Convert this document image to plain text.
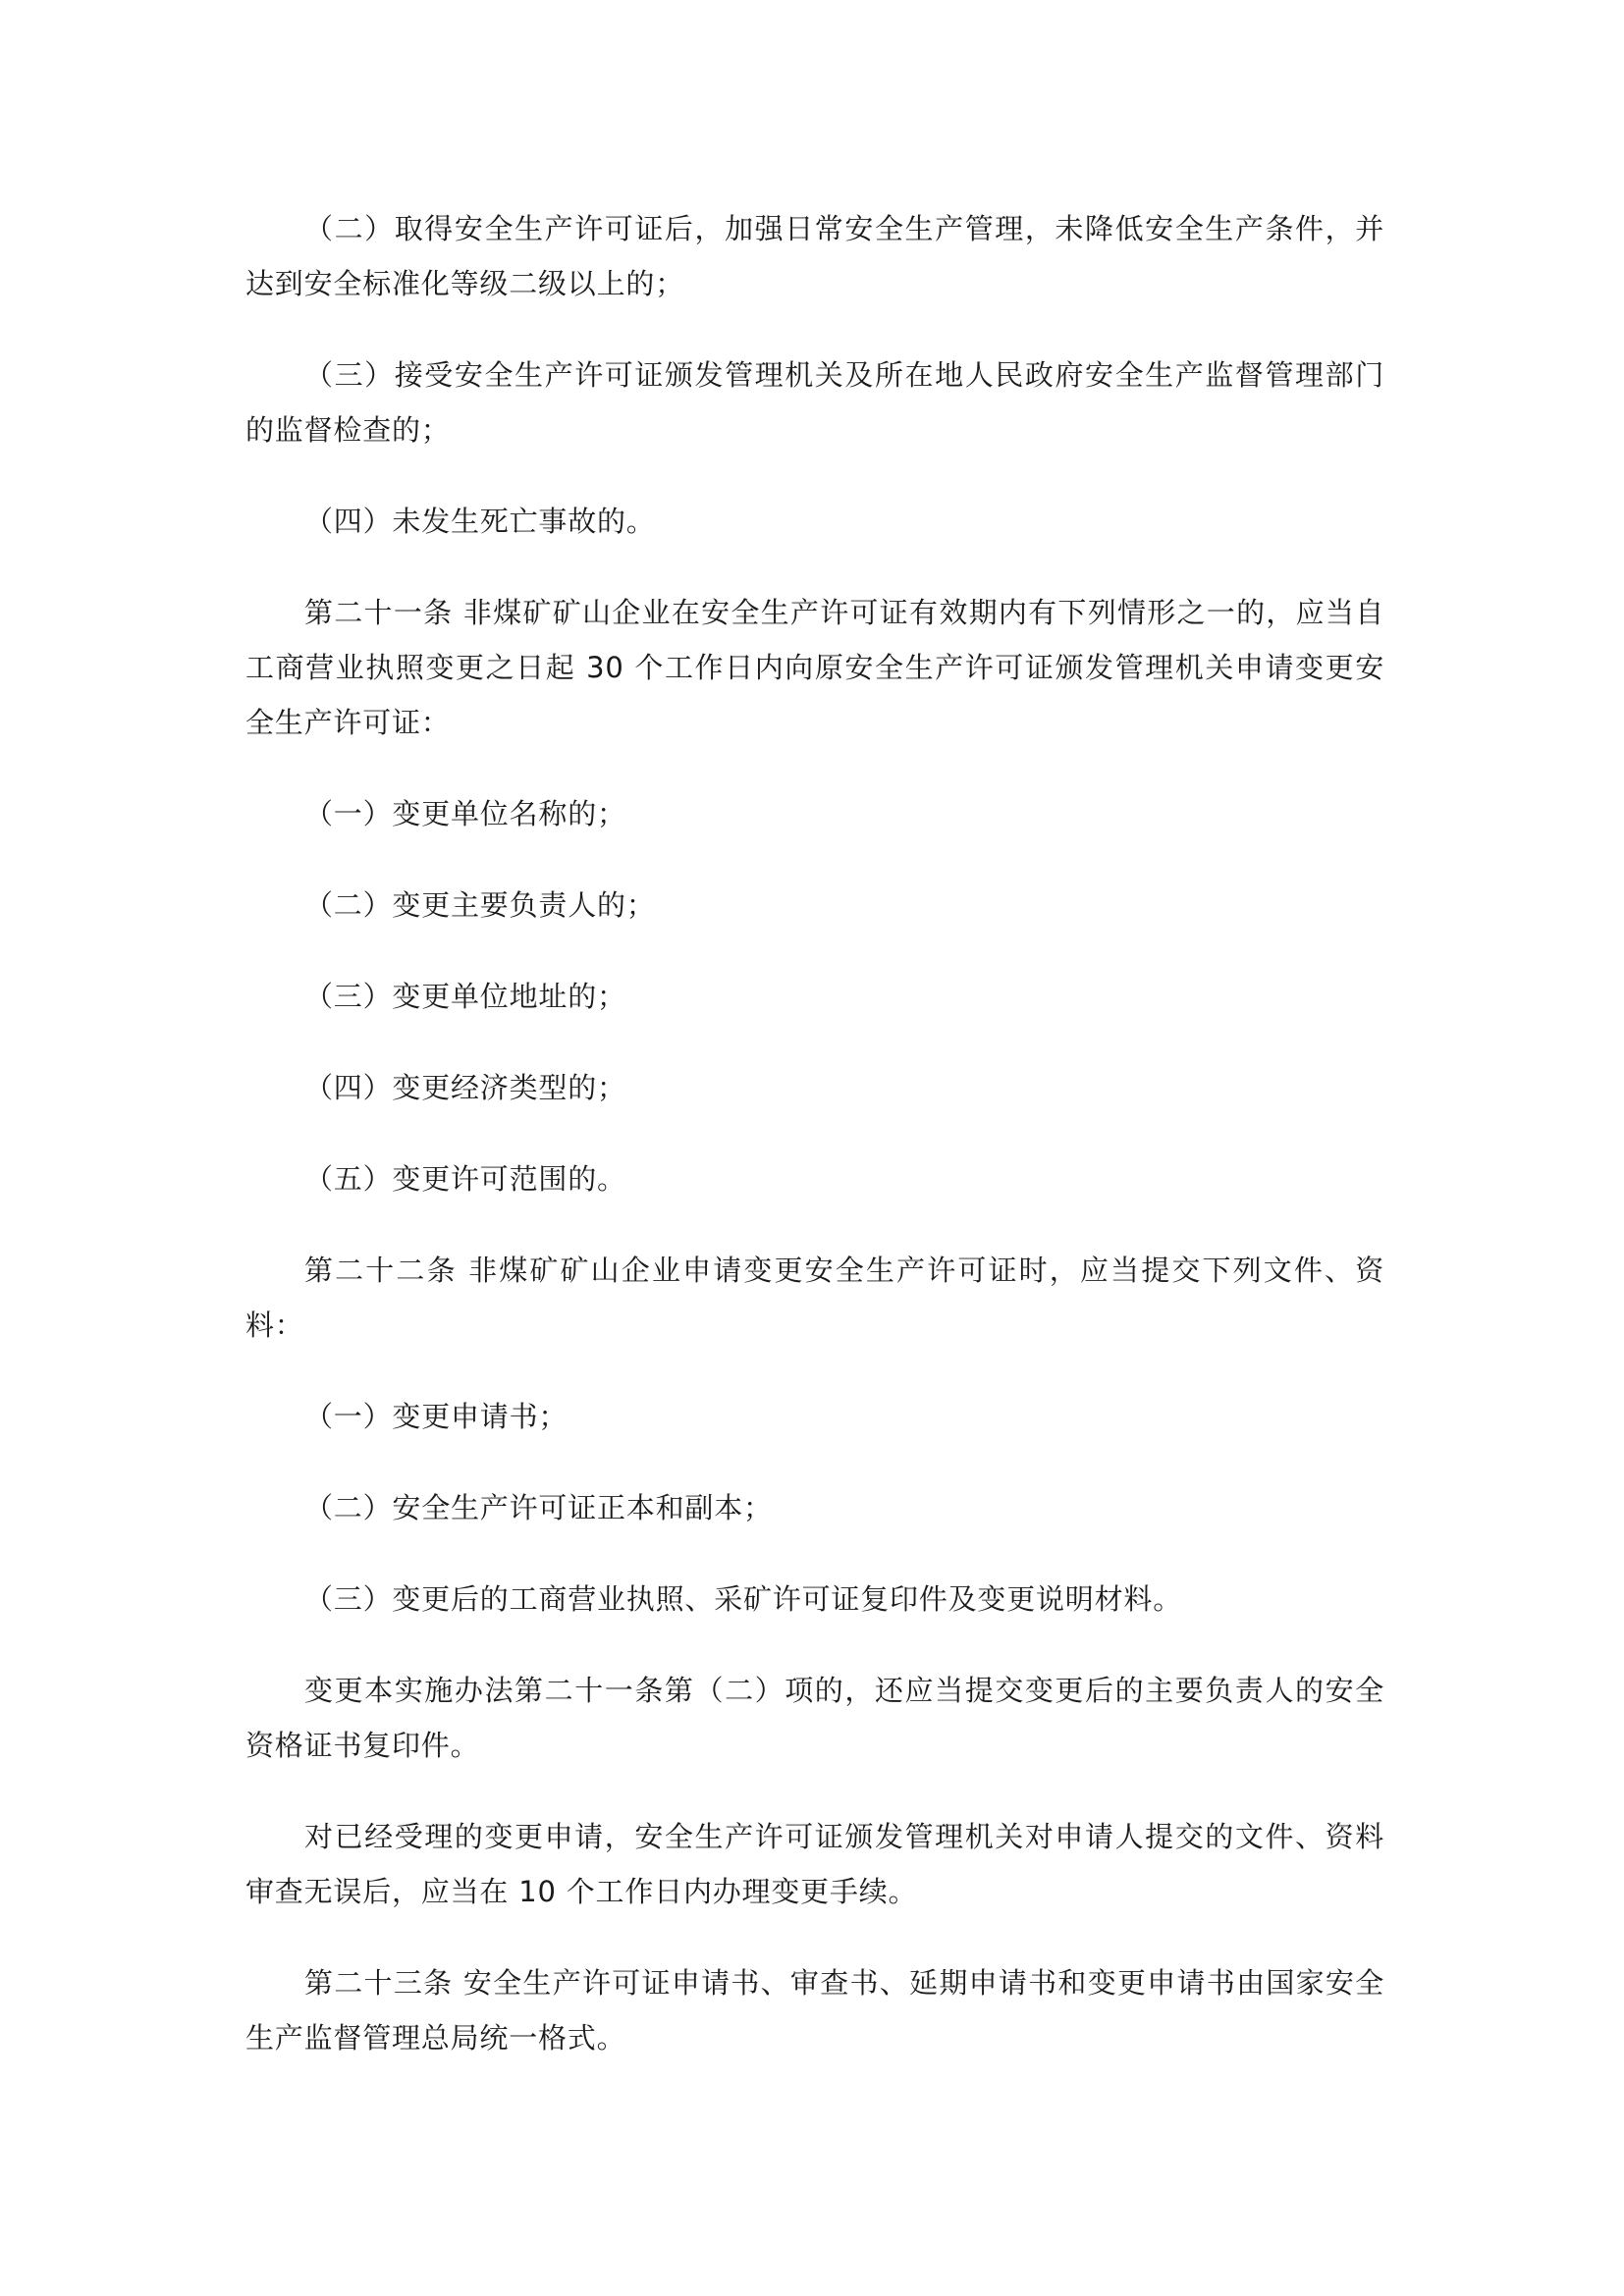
（二）取得安全生产许可证后，加强日常安全生产管理，未降低安全生产条件，并达到安全标准化等级二级以上的；

（三）接受安全生产许可证颁发管理机关及所在地人民政府安全生产监督管理部门的监督检查的；

（四）未发生死亡事故的。

第二十一条 非煤矿矿山企业在安全生产许可证有效期内有下列情形之一的，应当自工商营业执照变更之日起 30 个工作日内向原安全生产许可证颁发管理机关申请变更安全生产许可证：

（一）变更单位名称的；

（二）变更主要负责人的；

（三）变更单位地址的；

（四）变更经济类型的；

（五）变更许可范围的。

第二十二条 非煤矿矿山企业申请变更安全生产许可证时，应当提交下列文件、资料：

（一）变更申请书；

（二）安全生产许可证正本和副本；

（三）变更后的工商营业执照、采矿许可证复印件及变更说明材料。

变更本实施办法第二十一条第（二）项的，还应当提交变更后的主要负责人的安全资格证书复印件。

对已经受理的变更申请，安全生产许可证颁发管理机关对申请人提交的文件、资料审查无误后，应当在 10 个工作日内办理变更手续。

第二十三条 安全生产许可证申请书、审查书、延期申请书和变更申请书由国家安全生产监督管理总局统一格式。
